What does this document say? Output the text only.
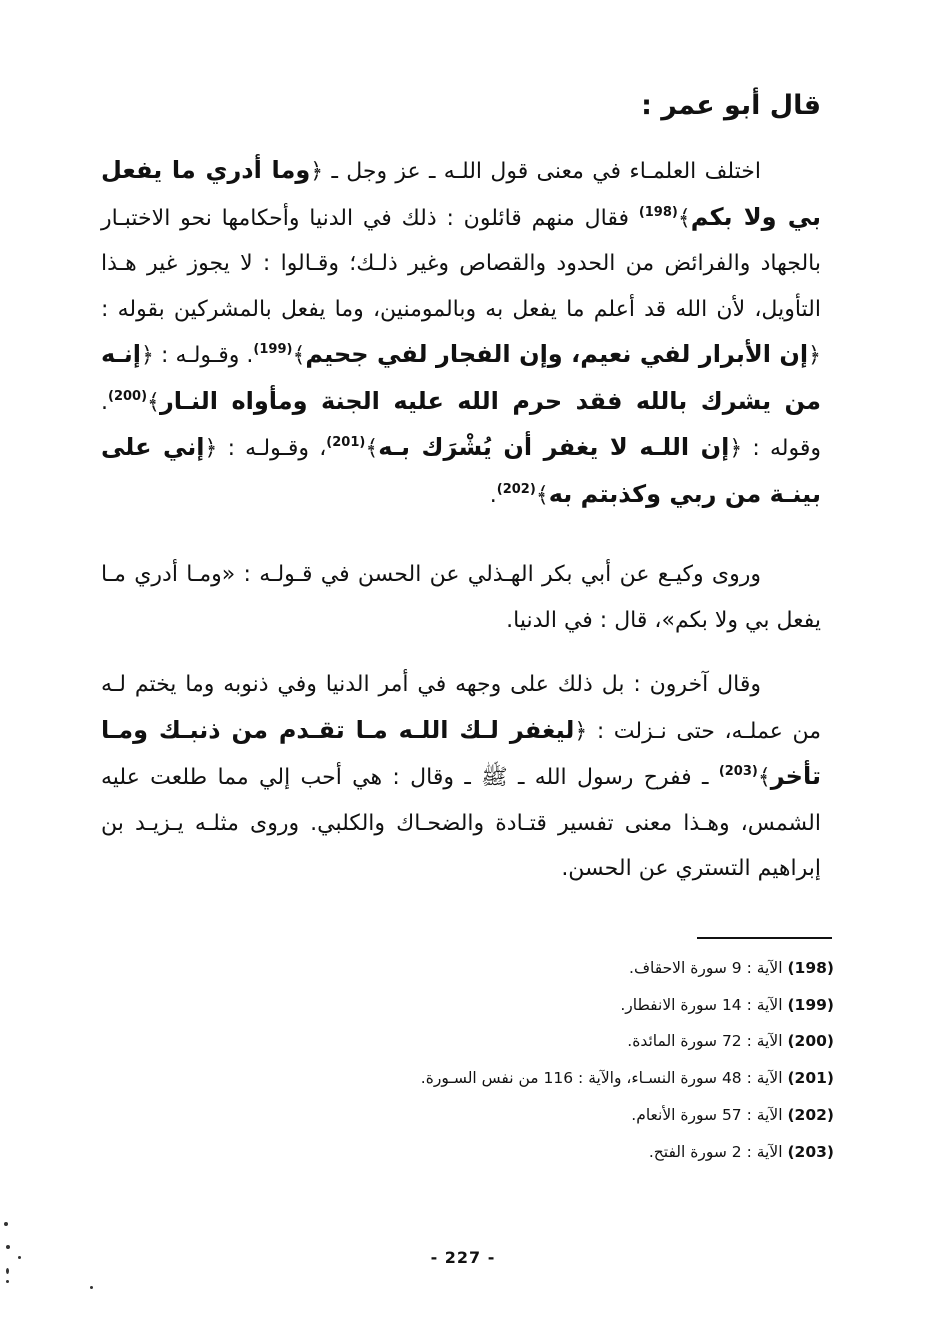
قال أبو عمر :

اختلف العلمـاء في معنى قول اللـه ـ عز وجل ـ ﴿وما أدري ما يفعل بي ولا بكم﴾$^{(198)}$ فقال منهم قائلون : ذلك في الدنيا وأحكامها نحو الاختبـار بالجهاد والفرائض من الحدود والقصاص وغير ذلـك؛ وقـالوا : لا يجوز غير هـذا التأويل، لأن الله قد أعلم ما يفعل به وبالمومنين، وما يفعل بالمشركين بقوله : ﴿إن الأبرار لفي نعيم، وإن الفجار لفي جحيم﴾$^{(199)}$. وقـولـه : ﴿إنـه من يشرك بالله فقد حرم الله عليه الجنة ومأواه النـار﴾$^{(200)}$. وقوله : ﴿إن اللـه لا يغفر أن يُشْرَك بـه﴾$^{(201)}$، وقـولـه : ﴿إني على بينـة من ربي وكذبتم به﴾$^{(202)}$.

وروى وكيـع عن أبي بكر الهـذلي عن الحسن في قـولـه : «ومـا أدري مـا يفعل بي ولا بكم»، قال : في الدنيا.

وقال آخرون : بل ذلك على وجهه في أمر الدنيا وفي ذنوبه وما يختم لـه من عملـه، حتى نـزلت : ﴿ليغفر لـك اللـه مـا تقـدم من ذنبـك ومـا تأخر﴾$^{(203)}$ ـ ففرح رسول الله ـ ﷺ ـ وقال : هي أحب إلي مما طلعت عليه الشمس، وهـذا معنى تفسير قتـادة والضحـاك والكلبي. وروى مثلـه يـزيـد بن إبراهيم التستري عن الحسن.

(198) الآية : 9 سورة الاحقاف.
(199) الآية : 14 سورة الانفطار.
(200) الآية : 72 سورة المائدة.
(201) الآية : 48 سورة النسـاء، والآية : 116 من نفس السـورة.
(202) الآية : 57 سورة الأنعام.
(203) الآية : 2 سورة الفتح.
- 227 -
